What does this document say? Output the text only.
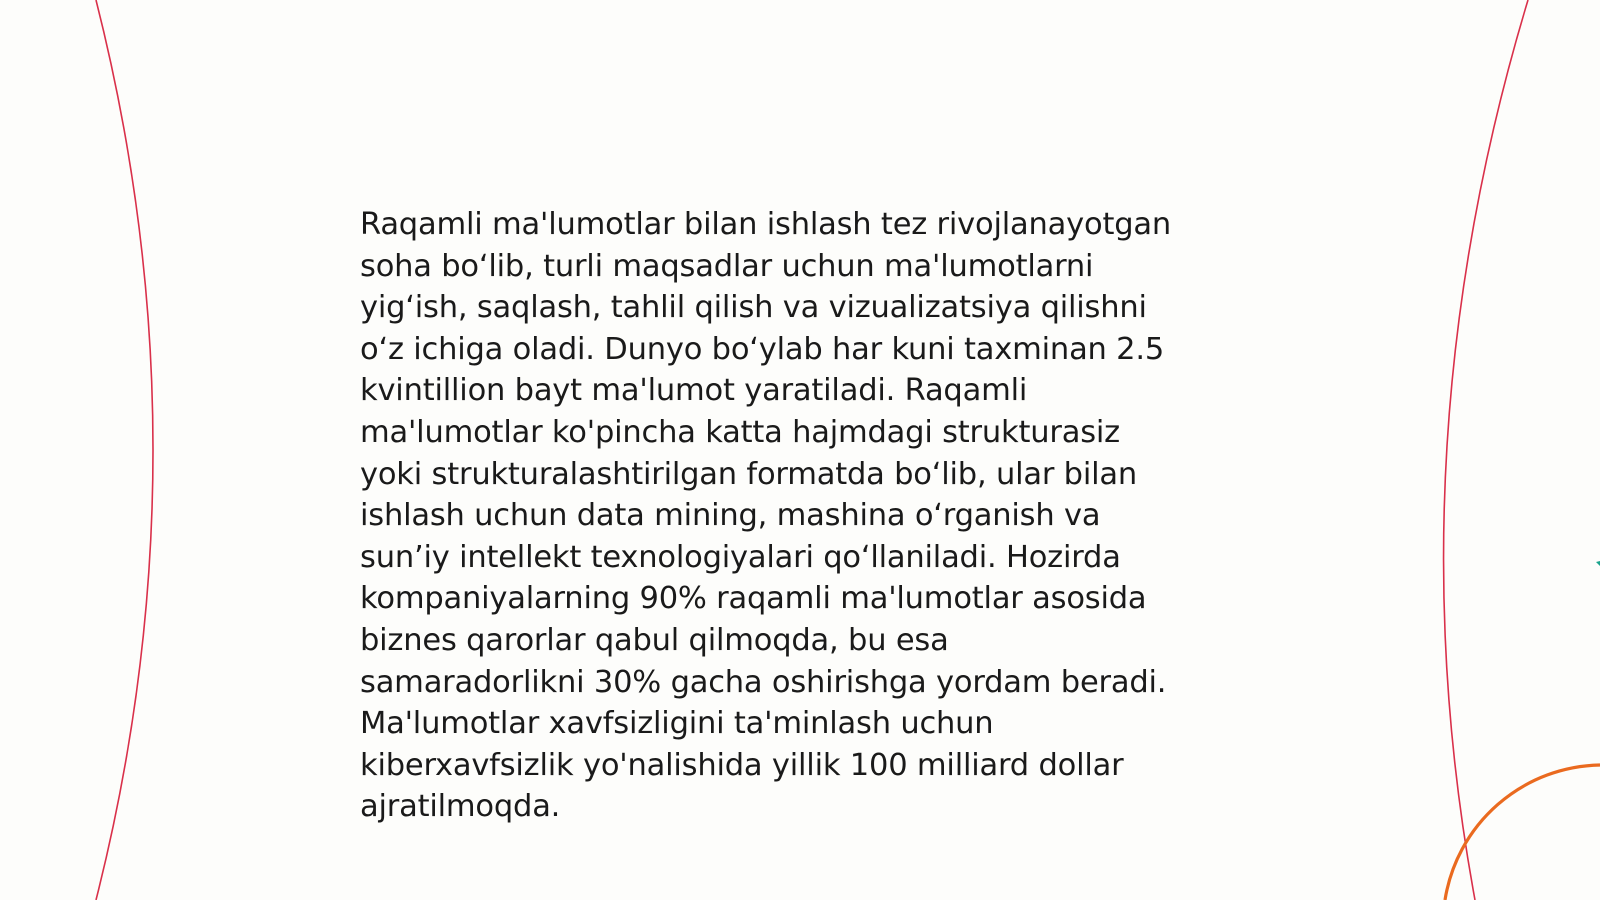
Raqamli ma'lumotlar bilan ishlash tez rivojlanayotgan
soha bo‘lib, turli maqsadlar uchun ma'lumotlarni
yig‘ish, saqlash, tahlil qilish va vizualizatsiya qilishni
o‘z ichiga oladi. Dunyo bo‘ylab har kuni taxminan 2.5
kvintillion bayt ma'lumot yaratiladi. Raqamli
ma'lumotlar ko'pincha katta hajmdagi strukturasiz
yoki strukturalashtirilgan formatda bo‘lib, ular bilan
ishlash uchun data mining, mashina o‘rganish va
sun’iy intellekt texnologiyalari qo‘llaniladi. Hozirda
kompaniyalarning 90% raqamli ma'lumotlar asosida
biznes qarorlar qabul qilmoqda, bu esa
samaradorlikni 30% gacha oshirishga yordam beradi.
Ma'lumotlar xavfsizligini ta'minlash uchun
kiberxavfsizlik yo'nalishida yillik 100 milliard dollar
ajratilmoqda.
